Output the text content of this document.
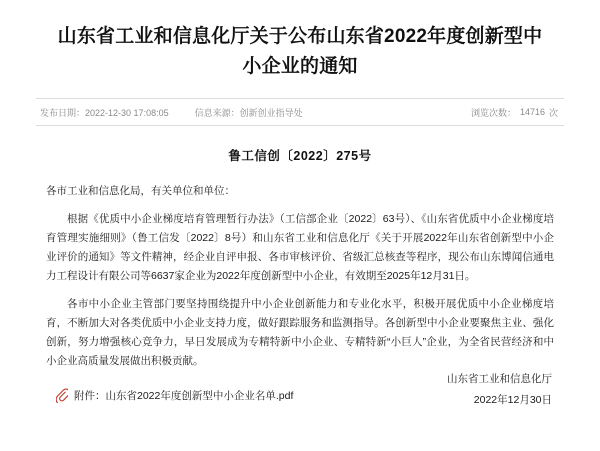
山东省工业和信息化厅关于公布山东省2022年度创新型中小企业的通知
发布日期：2022-12-30 17:08:05	信息来源：创新创业指导处	浏览次数： 14716 次
鲁工信创〔2022〕275号

各市工业和信息化局，有关单位和单位：

根据《优质中小企业梯度培育管理暂行办法》（工信部企业〔2022〕63号）、《山东省优质中小企业梯度培育管理实施细则》（鲁工信发〔2022〕8号）和山东省工业和信息化厅《关于开展2022年山东省创新型中小企业评价的通知》等文件精神，经企业自评申报、各市审核评价、省级汇总核查等程序，现公布山东博闻信通电力工程设计有限公司等6637家企业为2022年度创新型中小企业，有效期至2025年12月31日。

各市中小企业主管部门要坚持围绕提升中小企业创新能力和专业化水平，积极开展优质中小企业梯度培育，不断加大对各类优质中小企业支持力度，做好跟踪服务和监测指导。各创新型中小企业要聚焦主业、强化创新，努力增强核心竞争力，早日发展成为专精特新中小企业、专精特新“小巨人”企业，为全省民营经济和中小企业高质量发展做出积极贡献。

附件：山东省2022年度创新型中小企业名单.pdf
山东省工业和信息化厅
2022年12月30日
